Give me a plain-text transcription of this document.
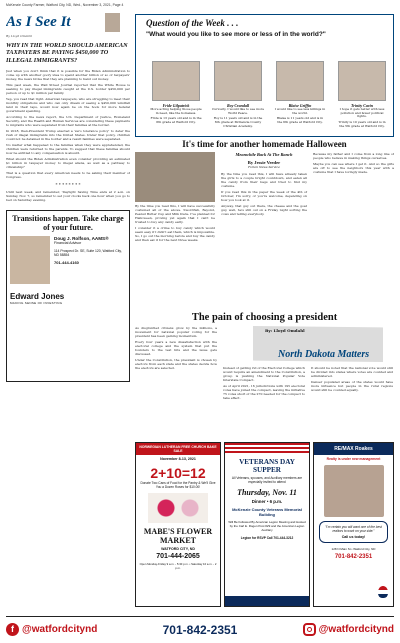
McKenzie County Farmer, Watford City, ND, Wed., November 3, 2021, Page 4
As I See It
By Lloyd Omdahl
WHY IN THE WORLD SHOULD AMERICAN TAXPAYERS BE PAYING $450,000 TO ILLEGAL IMMIGRANTS?

Just when you don't think that it is possible for the Biden Administration to come up with another goofy idea to spend another billion or so of taxpayers' money, the news broke that they are planning to hand out money.

This past week, the Wall Street Journal reported that the White House is seeking to pay illegal immigrants caught at the U.S. border $450,000 per person or up to $1 million per family.

Yep, you read that right. American taxpayers, who are struggling to meet their monthly obligations and who can only dream of seeing a $450,000 windfall land in their laps, would now again be on the hook for more federal government spending.

According to the news report, the U.S. Department of Justice, Homeland Security, and the Health and Human Services are considering these payments to migrants who were separated from their families at the border.

In 2018, then-President Trump enacted a 'zero tolerance policy' to deter the rush of illegal immigrants into the United States. Under that policy, children could not be detained in the border and a result families were separated.

No matter what happened to the families when they were apprehended, the children were returned to the parents. To suggest that these families should now be entitled to any compensation is absurd.

What should the Biden Administration even consider providing an estimated $1 billion in taxpayer money to illegal aliens, as well as a pathway to citizenship?

That is a question that every American needs to be asking their member of Congress.

* * * * * * * *
Until next week, and remember, 'Daylight Saving Time ends at 2 a.m. on Sunday, Nov. 7, so remember to set your clocks back one hour when you go to bed on Saturday evening.
Transitions happen. Take charge of your future.
Doug J. Rolfson, AAMS®
Financial Advisor
114 Prospect Dr. SE, Suite 120, Watford City, ND 58854
701-444-4160
Edward Jones
MAKING SENSE OF INVESTING
Question of the Week . . .
"What would you like to see more or less of in the world?"
Fride Gilpatrick
More acting helping those people in need, like the homeless.
Fride is 13 years old and is in the 6th grade at Watford City.
Roy Crandall
Curiosity, I would like to see more World Peace.
Roy is 11 years old and is in the 6th grade at McKenzie County Christian Academy.
Blaise Griffin
I would like to see less killings in the world.
Blaise is 11 years old and is in the 6th grade at Watford City.
Trinity Cavin
I hope it gets better with less pollution and fewer political fights.
Trinity is 10 years old and is in the 5th grade at Watford City.
It's time for another homemade Halloween

By the time you read this, I will have successfully costumed all of the above. Swordfish, Beyond, Peanut Butter Cup and Milk Dude. I've planned for Halloween, proving yet again that I can't be trusted to buy any candy early.

I consider it a crime to buy candy which would seem easy if I didn't eat them, which is impossible. So, I go out the morning before and buy the candy and then eat it for the next three weeks.

Meanwhile Back At The Ranch
By Jessie Veeder
Forum News Service

By the time you read this, I will have already taken the girls to a couple bright countdown, and eaten all the candy from their bags and tried to find my costume.

If you read this in the paper the week of the 4th of October, I'm sorry, or you're welcome, depending on how you look at it.

Anyway, that guy out there, the cheese and the goat guy, well, he's still out on a Friday night sorting the cows and telling everybody.

Because my father and I come from a long line of people who believe in making things ourselves.

Maybe you can see where I get it. And so the girls are off to see the neighbors this year with a costume that I have lovingly made.

The pain of choosing a president

As disgruntled citizens grow by the millions, a movement for national popular voting for the president has been gaining momentum.

Every four years a new dissatisfaction with the electoral college and the system that put the founders to the test hits and the issue gets discussed.

Under the Constitution, the president is chosen by electors from each state and the states decide how the electors are selected.

By: Lloyd Omdahl
North Dakota Matters

Instead of getting rid of the Electoral College which would require an amendment to the Constitution, a group is pushing the National Popular Vote Interstate Compact.

As of April 2021, 16 jurisdictions with 195 electoral votes have joined the compact, leaving the initiative 75 votes short of the 270 needed for the compact to take effect.

It should be noted that the national vote would still be divided into states where votes are counted and administered.

Denser populated areas of the states would have more influence but people in the rural regions would still be counted equally.

NORWEGIAN LUTHERAN FREE CHURCH BAKE SALE
November 8-13, 2021
2+10=12
Donate Two Cans of Food for the Pantry & We'll Give You a Dozen Roses for $10.00!
MABE'S FLOWER MARKET
WATFORD CITY, ND
701-444-2065
Open Monday-Friday 9 a.m. - 5:30 p.m. • Saturday 10 a.m. - 2 p.m.
VETERANS DAY SUPPER
All Veterans, spouses, and Auxiliary members are especially invited to attend
Thursday, Nov. 11
Dinner • 6 p.m.
McKenzie County Veterans Memorial Building
Will Be Followed By American Legion Meeting and Hosted by the Carl E. Rogen Post #29 and the American Legion Auxiliary
Legion for RSVP Call 701-444-3212
RE/MAX Roakes
Realty is under new management
"I'm certain you will want one of the best realtors to work on your side."
Call us today!
128 N Main St • Watford City, ND
701-842-2351
f @watfordcitynd	701-842-2351	@watfordcitynd
